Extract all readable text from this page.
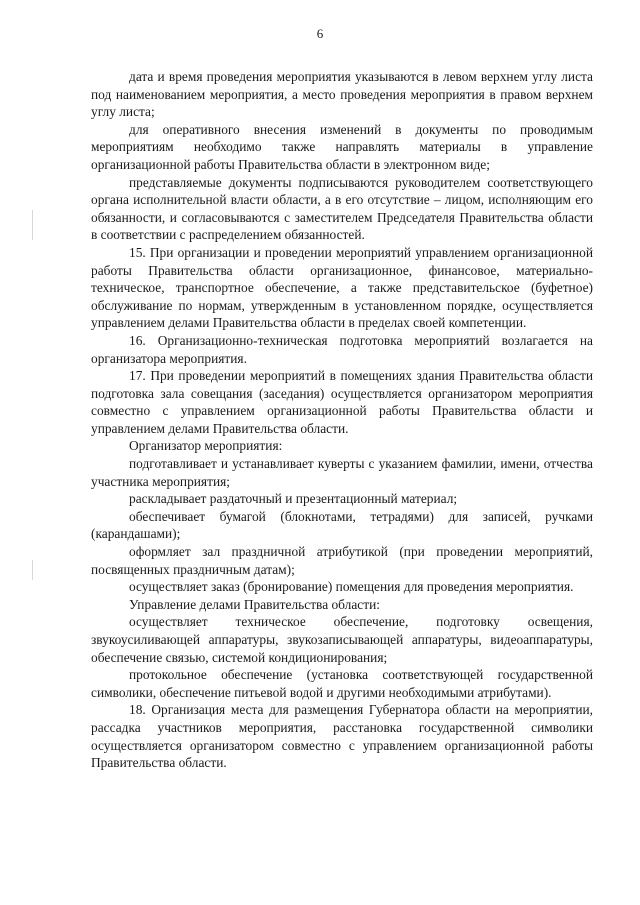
6

дата и время проведения мероприятия указываются в левом верхнем углу листа под наименованием мероприятия, а место проведения мероприятия в правом верхнем углу листа;

для оперативного внесения изменений в документы по проводимым мероприятиям необходимо также направлять материалы в управление организационной работы Правительства области в электронном виде;

представляемые документы подписываются руководителем соответствующего органа исполнительной власти области, а в его отсутствие – лицом, исполняющим его обязанности, и согласовываются с заместителем Председателя Правительства области в соответствии с распределением обязанностей.

15. При организации и проведении мероприятий управлением организационной работы Правительства области организационное, финансовое, материально-техническое, транспортное обеспечение, а также представительское (буфетное) обслуживание по нормам, утвержденным в установленном порядке, осуществляется управлением делами Правительства области в пределах своей компетенции.

16. Организационно-техническая подготовка мероприятий возлагается на организатора мероприятия.

17. При проведении мероприятий в помещениях здания Правительства области подготовка зала совещания (заседания) осуществляется организатором мероприятия совместно с управлением организационной работы Правительства области и управлением делами Правительства области.

Организатор мероприятия:

подготавливает и устанавливает куверты с указанием фамилии, имени, отчества участника мероприятия;

раскладывает раздаточный и презентационный материал;

обеспечивает бумагой (блокнотами, тетрадями) для записей, ручками (карандашами);

оформляет зал праздничной атрибутикой (при проведении мероприятий, посвященных праздничным датам);

осуществляет заказ (бронирование) помещения для проведения мероприятия.

Управление делами Правительства области:

осуществляет техническое обеспечение, подготовку освещения, звукоусиливающей аппаратуры, звукозаписывающей аппаратуры, видеоаппаратуры, обеспечение связью, системой кондиционирования;

протокольное обеспечение (установка соответствующей государственной символики, обеспечение питьевой водой и другими необходимыми атрибутами).

18. Организация места для размещения Губернатора области на мероприятии, рассадка участников мероприятия, расстановка государственной символики осуществляется организатором совместно с управлением организационной работы Правительства области.
